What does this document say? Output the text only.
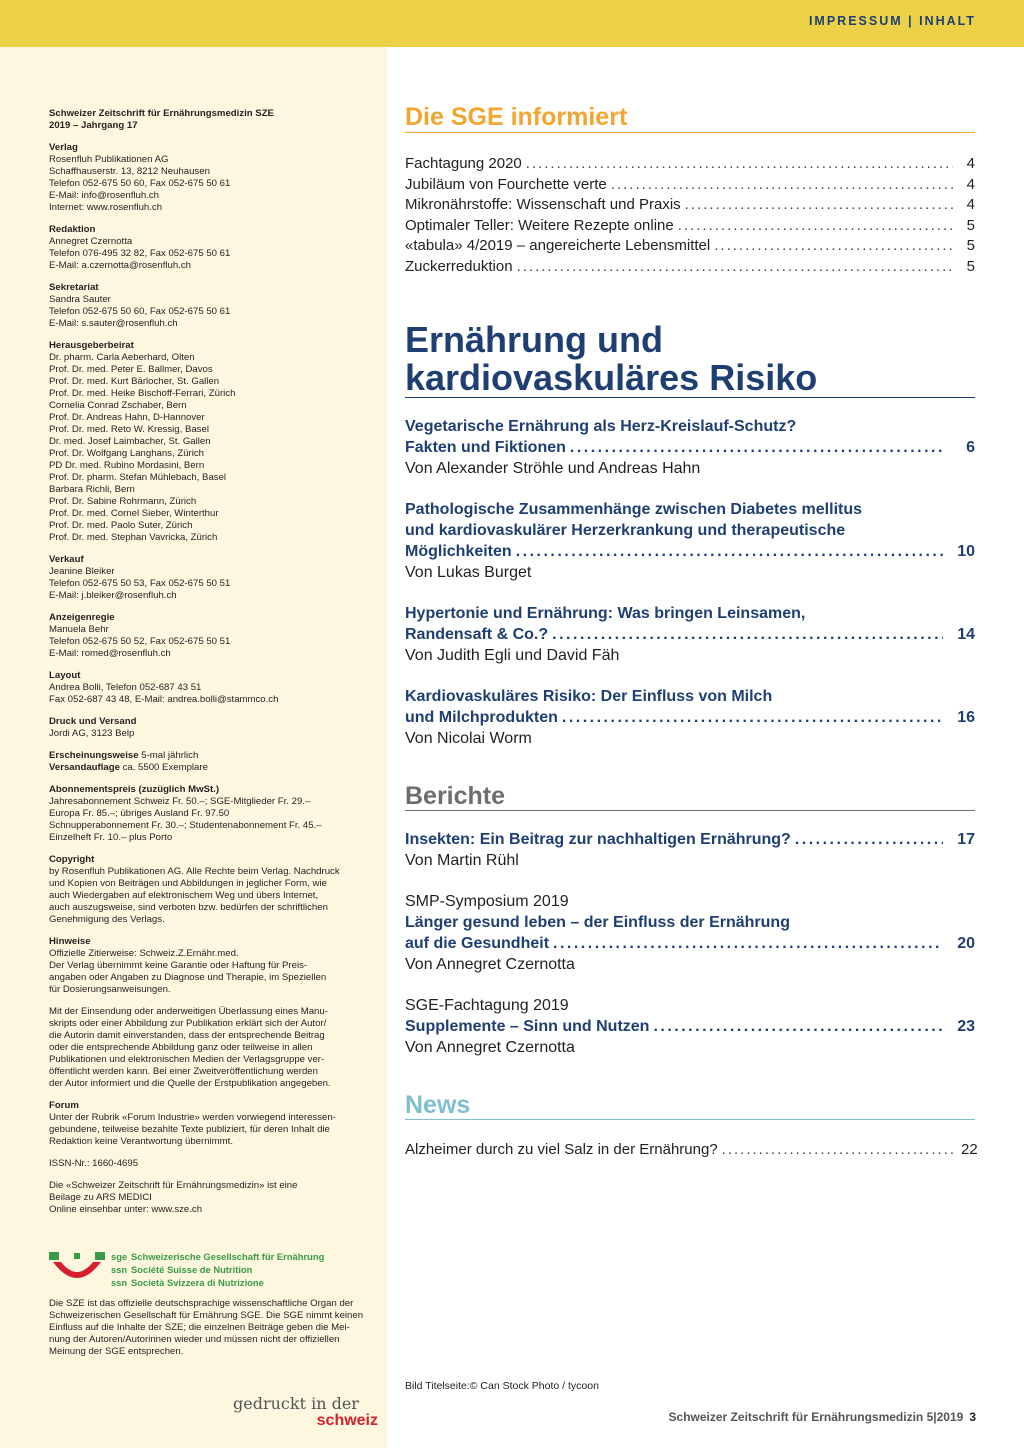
IMPRESSUM | INHALT
Schweizer Zeitschrift für Ernährungsmedizin SZE
2019 – Jahrgang 17
Verlag
Rosenfluh Publikationen AG
Schaffhauserstr. 13, 8212 Neuhausen
Telefon 052-675 50 60, Fax 052-675 50 61
E-Mail: info@rosenfluh.ch
Internet: www.rosenfluh.ch
Redaktion
Annegret Czernotta
Telefon 076-495 32 82, Fax 052-675 50 61
E-Mail: a.czernotta@rosenfluh.ch
Sekretariat
Sandra Sauter
Telefon 052-675 50 60, Fax 052-675 50 61
E-Mail: s.sauter@rosenfluh.ch
Herausgeberbeirat
Dr. pharm. Carla Aeberhard, Olten
Prof. Dr. med. Peter E. Ballmer, Davos
Prof. Dr. med. Kurt Bärlocher, St. Gallen
Prof. Dr. med. Heike Bischoff-Ferrari, Zürich
Cornelia Conrad Zschaber, Bern
Prof. Dr. Andreas Hahn, D-Hannover
Prof. Dr. med. Reto W. Kressig, Basel
Dr. med. Josef Laimbacher, St. Gallen
Prof. Dr. Wolfgang Langhans, Zürich
PD Dr. med. Rubino Mordasini, Bern
Prof. Dr. pharm. Stefan Mühlebach, Basel
Barbara Richli, Bern
Prof. Dr. Sabine Rohrmann, Zürich
Prof. Dr. med. Cornel Sieber, Winterthur
Prof. Dr. med. Paolo Suter, Zürich
Prof. Dr. med. Stephan Vavricka, Zürich
Verkauf
Jeanine Bleiker
Telefon 052-675 50 53, Fax 052-675 50 51
E-Mail: j.bleiker@rosenfluh.ch
Anzeigenregie
Manuela Behr
Telefon 052-675 50 52, Fax 052-675 50 51
E-Mail: romed@rosenfluh.ch
Layout
Andrea Bolli, Telefon 052-687 43 51
Fax 052-687 43 48, E-Mail: andrea.bolli@stammco.ch
Druck und Versand
Jordi AG, 3123 Belp
Erscheinungsweise 5-mal jährlich
Versandauflage ca. 5500 Exemplare
Abonnementspreis (zuzüglich MwSt.)
Jahresabonnement Schweiz Fr. 50.–; SGE-Mitglieder Fr. 29.–
Europa Fr. 85.–; übriges Ausland Fr. 97.50
Schnupperabonnement Fr. 30.–; Studentenabonnement Fr. 45.–
Einzelheft Fr. 10.– plus Porto
Copyright
by Rosenfluh Publikationen AG. Alle Rechte beim Verlag. Nachdruck
und Kopien von Beiträgen und Abbildungen in jeglicher Form, wie
auch Wiedergaben auf elektronischem Weg und übers Internet,
auch auszugsweise, sind verboten bzw. bedürfen der schriftlichen
Genehmigung des Verlags.
Hinweise
Offizielle Zitierweise: Schweiz.Z.Ernähr.med.
Der Verlag übernimmt keine Garantie oder Haftung für Preis-
angaben oder Angaben zu Diagnose und Therapie, im Speziellen
für Dosierungsanweisungen.
Mit der Einsendung oder anderweitigen Überlassung eines Manu-
skripts oder einer Abbildung zur Publikation erklärt sich der Autor/
die Autorin damit einverstanden, dass der entsprechende Beitrag
oder die entsprechende Abbildung ganz oder teilweise in allen
Publikationen und elektronischen Medien der Verlagsgruppe ver-
öffentlicht werden kann. Bei einer Zweitveröffentlichung werden
der Autor informiert und die Quelle der Erstpublikation angegeben.
Forum
Unter der Rubrik «Forum Industrie» werden vorwiegend interessen-
gebundene, teilweise bezahlte Texte publiziert, für deren Inhalt die
Redaktion keine Verantwortung übernimmt.
ISSN-Nr.: 1660-4695
Die «Schweizer Zeitschrift für Ernährungsmedizin» ist eine
Beilage zu ARS MEDICI
Online einsehbar unter: www.sze.ch
sge Schweizerische Gesellschaft für Ernährung
ssn Société Suisse de Nutrition
ssn Società Svizzera di Nutrizione
Die SZE ist das offizielle deutschsprachige wissenschaftliche Organ der
Schweizerischen Gesellschaft für Ernährung SGE. Die SGE nimmt keinen
Einfluss auf die Inhalte der SZE; die einzelnen Beiträge geben die Mei-
nung der Autoren/Autorinnen wieder und müssen nicht der offiziellen
Meinung der SGE entsprechen.
gedruckt in der
schweiz
Die SGE informiert
Fachtagung 2020 .....	4
Jubiläum von Fourchette verte .....	4
Mikronährstoffe: Wissenschaft und Praxis .....	4
Optimaler Teller: Weitere Rezepte online .....	5
«tabula» 4/2019 – angereicherte Lebensmittel .....	5
Zuckerreduktion .....	5
Ernährung und
kardiovaskuläres Risiko
Vegetarische Ernährung als Herz-Kreislauf-Schutz?
Fakten und Fiktionen .....	6
Von Alexander Ströhle und Andreas Hahn
Pathologische Zusammenhänge zwischen Diabetes mellitus
und kardiovaskulärer Herzerkrankung und therapeutische
Möglichkeiten .....	10
Von Lukas Burget
Hypertonie und Ernährung: Was bringen Leinsamen,
Randensaft & Co.? .....	14
Von Judith Egli und David Fäh
Kardiovaskuläres Risiko: Der Einfluss von Milch
und Milchprodukten .....	16
Von Nicolai Worm
Berichte
Insekten: Ein Beitrag zur nachhaltigen Ernährung? .....	17
Von Martin Rühl
SMP-Symposium 2019
Länger gesund leben – der Einfluss der Ernährung
auf die Gesundheit .....	20
Von Annegret Czernotta
SGE-Fachtagung 2019
Supplemente – Sinn und Nutzen .....	23
Von Annegret Czernotta
News
Alzheimer durch zu viel Salz in der Ernährung? .....	22
Bild Titelseite:© Can Stock Photo / tycoon
Schweizer Zeitschrift für Ernährungsmedizin 5|2019 3
